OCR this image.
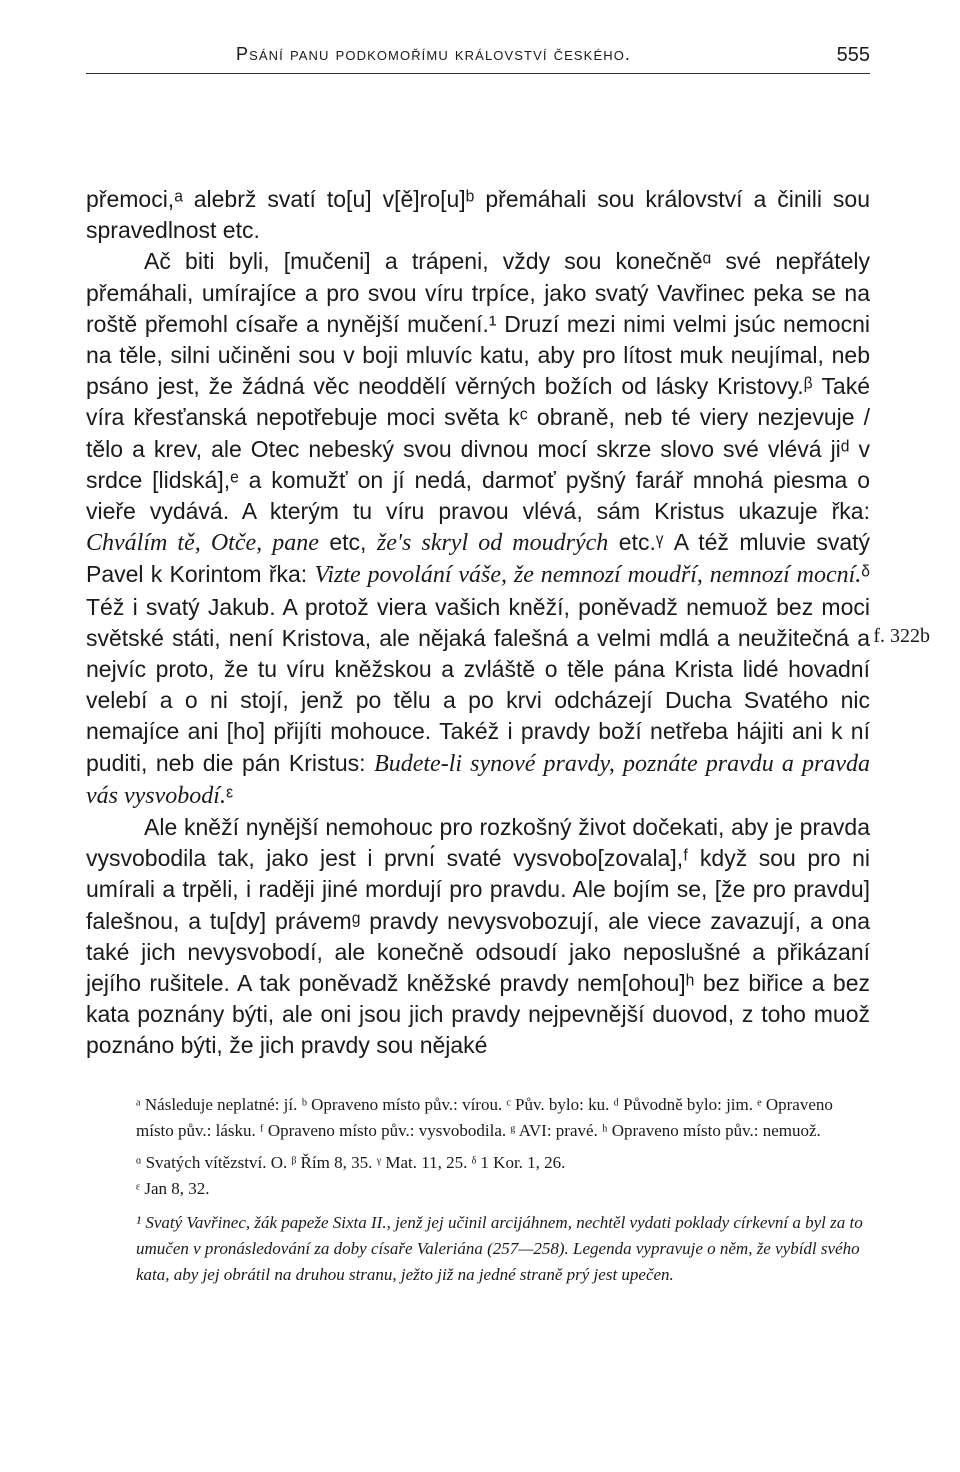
Psání panu podkomořímu království českého.	555
f. 322b

přemoci,ᵃ alebrž svatí to[u] v[ě]ro[u]ᵇ přemáhali sou království a činili sou spravedlnost etc.

Ač biti byli, [mučeni] a trápeni, vždy sou konečněᵅ své nepřátely přemáhali, umírajíce a pro svou víru trpíce, jako svatý Vavřinec peka se na roště přemohl císaře a nynější mučení.¹ Druzí mezi nimi velmi jsúc nemocni na těle, silni učiněni sou v boji mluvíc katu, aby pro lítost muk neujímal, neb psáno jest, že žádná věc neoddělí věrných božích od lásky Kristovy.ᵝ Také víra křesťanská nepotřebuje moci světa kᶜ obraně, neb té viery nezjevuje / tělo a krev, ale Otec nebeský svou divnou mocí skrze slovo své vlévá jiᵈ v srdce [lidská],ᵉ a komužť on jí nedá, darmoť pyšný farář mnohá piesma o vieře vydává. A kterým tu víru pravou vlévá, sám Kristus ukazuje řka: Chválím tě, Otče, pane etc, že's skryl od moudrých etc.ᵞ A též mluvie svatý Pavel k Korintom řka: Vizte povolání váše, že nemnozí moudří, nemnozí mocní.ᵟ Též i svatý Jakub. A protož viera vašich kněží, poněvadž nemuož bez moci světské státi, není Kristova, ale nějaká falešná a velmi mdlá a neužitečná a nejvíc proto, že tu víru kněžskou a zvláště o těle pána Krista lidé hovadní velebí a o ni stojí, jenž po tělu a po krvi odcházejí Ducha Svatého nic nemajíce ani [ho] přijíti mohouce. Takéž i pravdy boží netřeba hájiti ani k ní puditi, neb die pán Kristus: Budete-li synové pravdy, poznáte pravdu a pravda vás vysvobodí.ᵋ

Ale kněží nynější nemohouc pro rozkošný život dočekati, aby je pravda vysvobodila tak, jako jest i prvnı́ svaté vysvobo[zovala],ᶠ když sou pro ni umírali a trpěli, i raději jiné mordují pro pravdu. Ale bojím se, [že pro pravdu] falešnou, a tu[dy] právemᵍ pravdy nevysvobozují, ale viece zavazují, a ona také jich nevysvobodí, ale konečně odsoudí jako neposlušné a přikázaní jejího rušitele. A tak poněvadž kněžské pravdy nem[ohou]ʰ bez biřice a bez kata poznány býti, ale oni jsou jich pravdy nejpevnější duovod, z toho muož poznáno býti, že jich pravdy sou nějaké

ᵃ Následuje neplatné: jí. ᵇ Opraveno místo pův.: vírou. ᶜ Pův. bylo: ku. ᵈ Původně bylo: jim. ᵉ Opraveno místo pův.: lásku. ᶠ Opraveno místo pův.: vysvobodila. ᵍ AVI: pravé. ʰ Opraveno místo pův.: nemuož.

ᵅ Svatých vítězství. O. ᵝ Řím 8, 35. ᵞ Mat. 11, 25. ᵟ 1 Kor. 1, 26.

ᵋ Jan 8, 32.

¹ Svatý Vavřinec, žák papeže Sixta II., jenž jej učinil arcijáhnem, nechtěl vydati poklady církevní a byl za to umučen v pronásledování za doby císaře Valeriána (257—258). Legenda vypravuje o něm, že vybídl svého kata, aby jej obrátil na druhou stranu, ježto již na jedné straně prý jest upečen.
